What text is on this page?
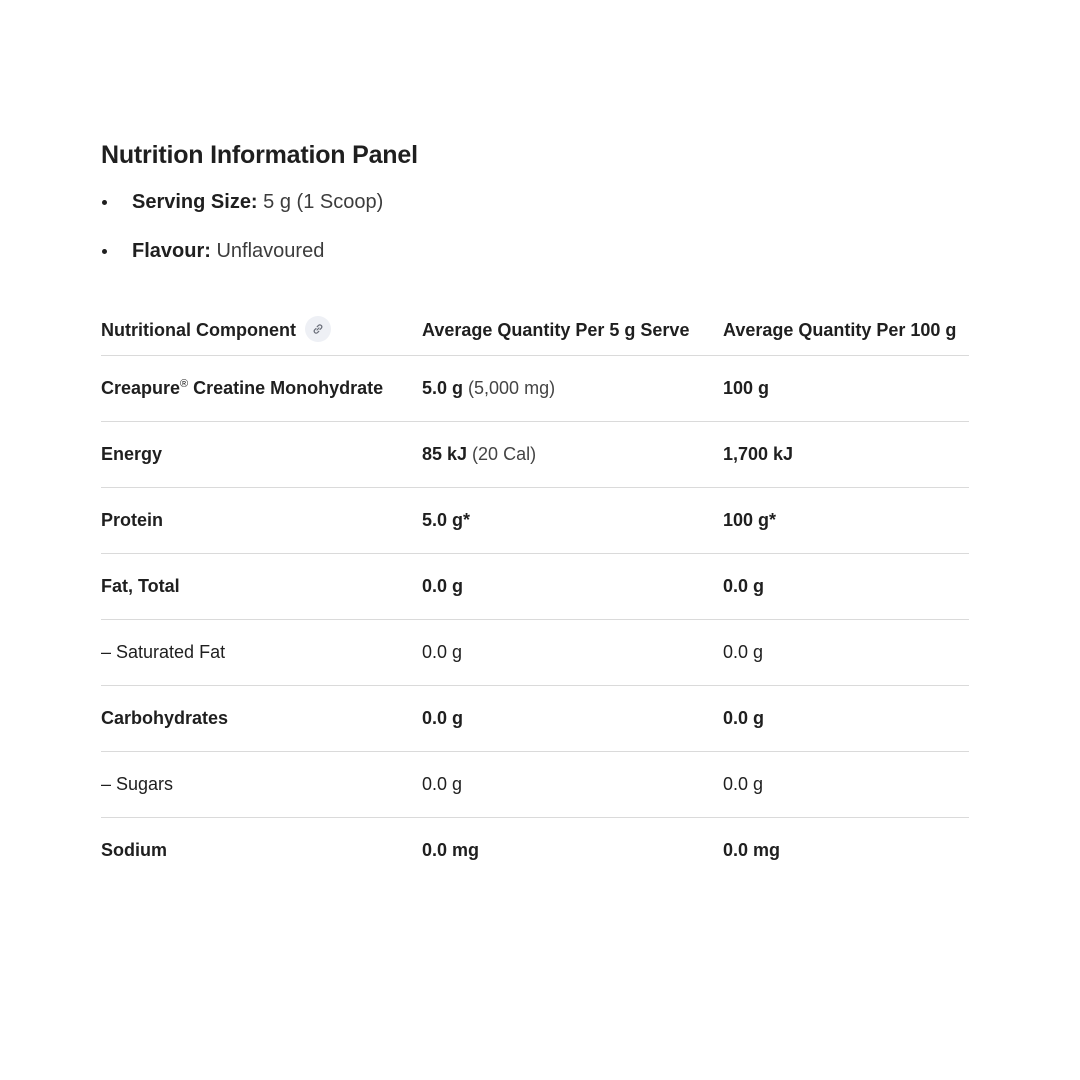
Nutrition Information Panel
Serving Size: 5 g (1 Scoop)
Flavour: Unflavoured
Nutritional Component	Average Quantity Per 5 g Serve	Average Quantity Per 100 g
Creapure® Creatine Monohydrate	5.0 g (5,000 mg)	100 g
Energy	85 kJ (20 Cal)	1,700 kJ
Protein	5.0 g*	100 g*
Fat, Total	0.0 g	0.0 g
– Saturated Fat	0.0 g	0.0 g
Carbohydrates	0.0 g	0.0 g
– Sugars	0.0 g	0.0 g
Sodium	0.0 mg	0.0 mg
